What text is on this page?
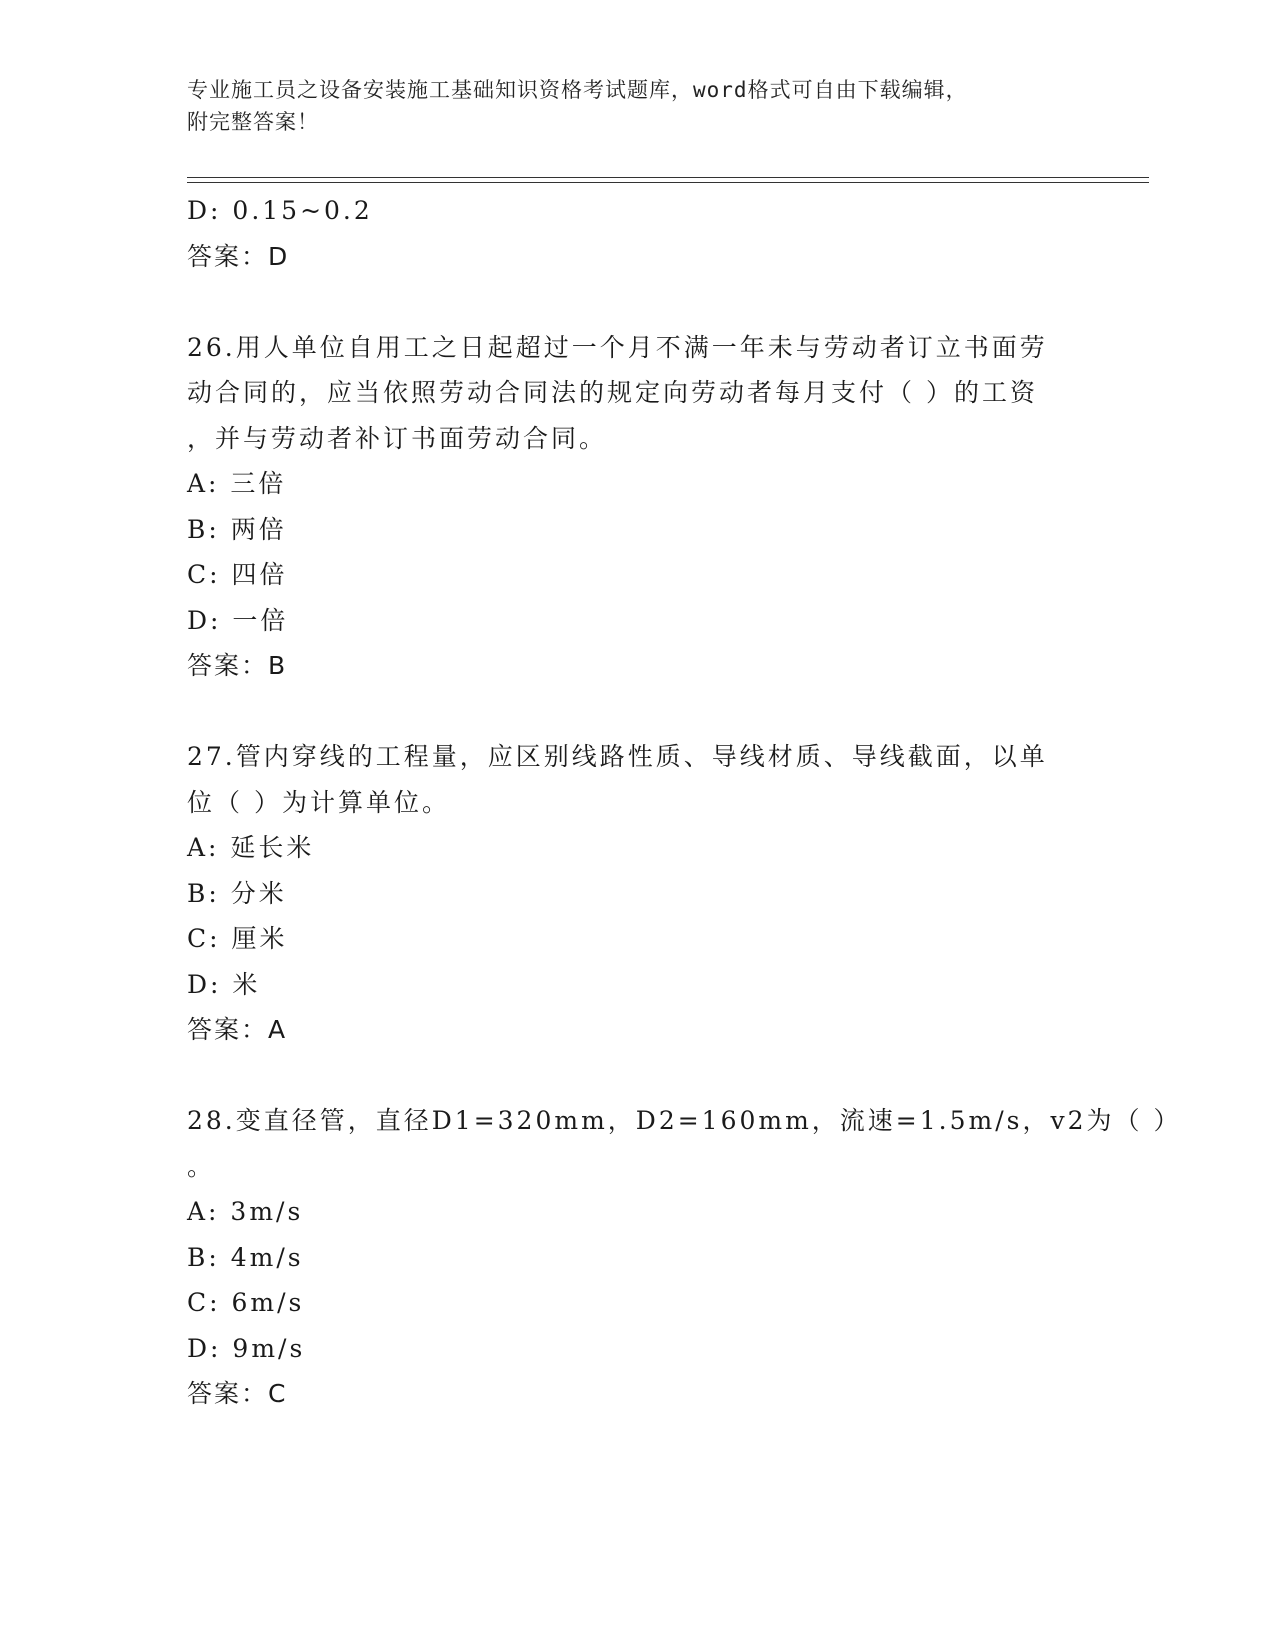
专业施工员之设备安装施工基础知识资格考试题库，word格式可自由下载编辑，
附完整答案！
D: 0.15~0.2
答案：D
26.用人单位自用工之日起超过一个月不满一年未与劳动者订立书面劳
动合同的，应当依照劳动合同法的规定向劳动者每月支付（ ）的工资
，并与劳动者补订书面劳动合同。
A: 三倍
B: 两倍
C: 四倍
D: 一倍
答案：B
27.管内穿线的工程量，应区别线路性质、导线材质、导线截面，以单
位（ ）为计算单位。
A: 延长米
B: 分米
C: 厘米
D: 米
答案：A
28.变直径管，直径D1=320mm，D2=160mm，流速=1.5m/s，v2为（ ）
。
A: 3m/s
B: 4m/s
C: 6m/s
D: 9m/s
答案：C
